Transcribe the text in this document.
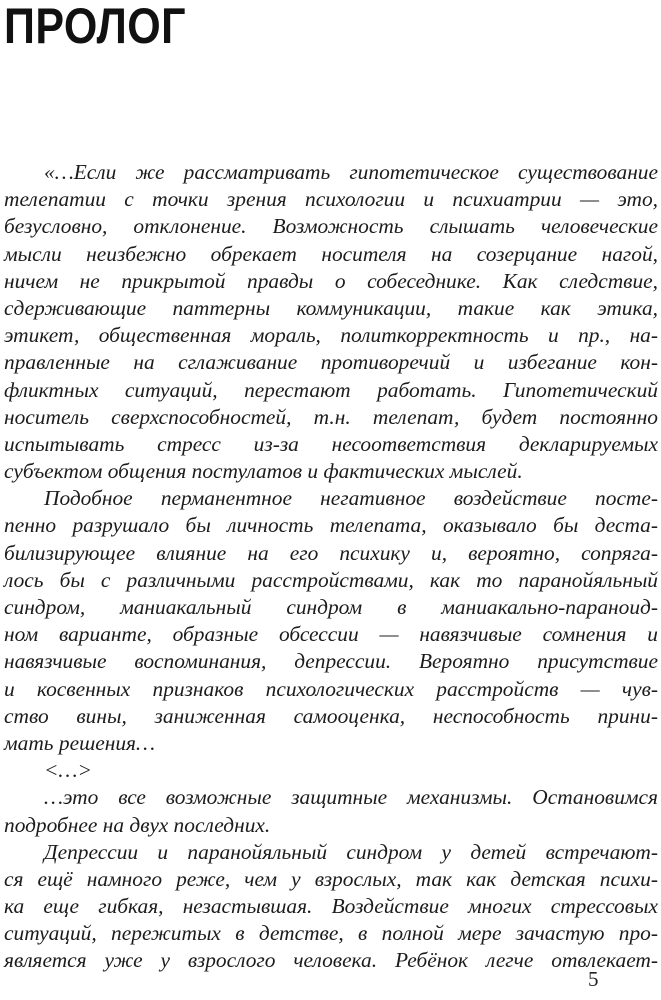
ПРОЛОГ
«…Если же рассматривать гипотетическое существование
телепатии с точки зрения психологии и психиатрии — это,
безусловно, отклонение. Возможность слышать человеческие
мысли неизбежно обрекает носителя на созерцание нагой,
ничем не прикрытой правды о собеседнике. Как следствие,
сдерживающие паттерны коммуникации, такие как этика,
этикет, общественная мораль, политкорректность и пр., на-
правленные на сглаживание противоречий и избегание кон-
фликтных ситуаций, перестают работать. Гипотетический
носитель сверхспособностей, т.н. телепат, будет постоянно
испытывать стресс из-за несоответствия декларируемых
субъектом общения постулатов и фактических мыслей.
Подобное перманентное негативное воздействие посте-
пенно разрушало бы личность телепата, оказывало бы деста-
билизирующее влияние на его психику и, вероятно, сопряга-
лось бы с различными расстройствами, как то паранойяльный
синдром, маниакальный синдром в маниакально-параноид-
ном варианте, образные обсессии — навязчивые сомнения и
навязчивые воспоминания, депрессии. Вероятно присутствие
и косвенных признаков психологических расстройств — чув-
ство вины, заниженная самооценка, неспособность прини-
мать решения…
<…>
…это все возможные защитные механизмы. Остановимся
подробнее на двух последних.
Депрессии и паранойяльный синдром у детей встречают-
ся ещё намного реже, чем у взрослых, так как детская психи-
ка еще гибкая, незастывшая. Воздействие многих стрессовых
ситуаций, пережитых в детстве, в полной мере зачастую про-
является уже у взрослого человека. Ребёнок легче отвлекает-
5
